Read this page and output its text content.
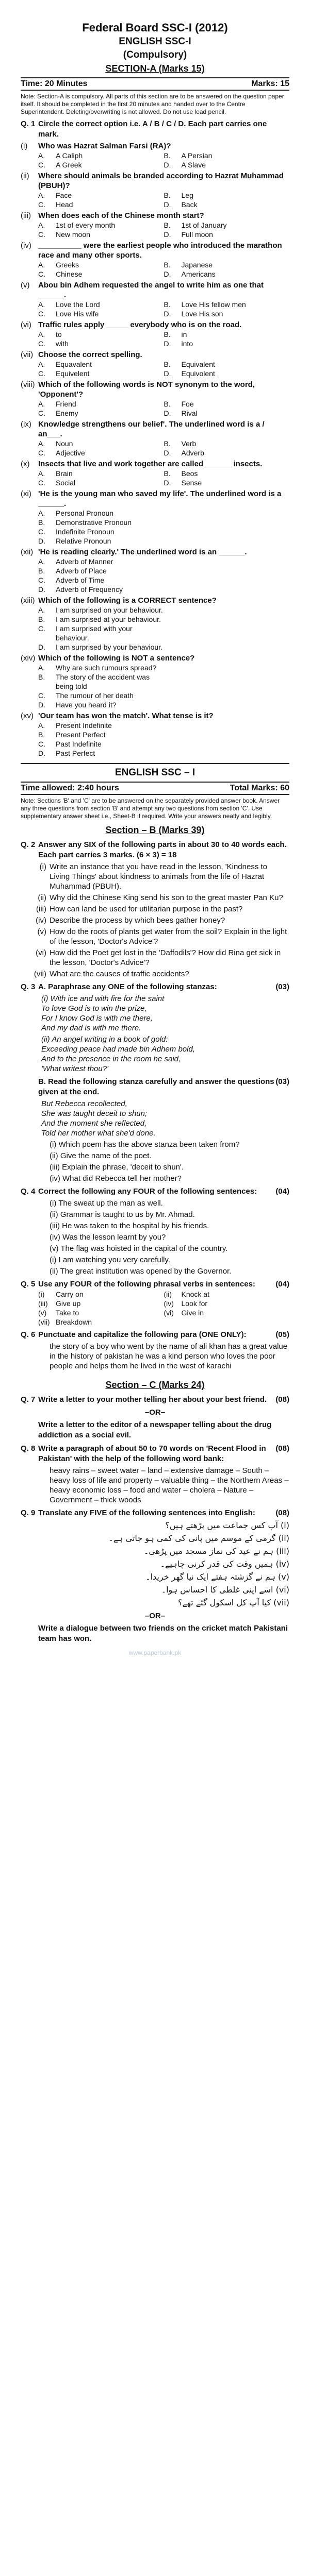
Federal Board SSC-I (2012)
ENGLISH SSC-I
(Compulsory)
SECTION-A (Marks 15)
Time: 20 Minutes	Marks: 15
Note: Section-A is compulsory. All parts of this section are to be answered on the question paper itself. It should be completed in the first 20 minutes and handed over to the Centre Superintendent. Deleting/overwriting is not allowed. Do not use lead pencil.
Q. 1 Circle the correct option i.e. A / B / C / D. Each part carries one mark.
(i)	Who was Hazrat Salman Farsi (RA)?
A.	A Caliph	B.	A Persian
C.	A Greek	D.	A Slave
(ii)	Where should animals be branded according to Hazrat Muhammad (PBUH)?
A.	Face	B.	Leg
C.	Head	D.	Back
(iii) When does each of the Chinese month start?
A.	1st of every month	B.	1st of January
C.	New moon	D.	Full moon
(iv) __________ were the earliest people who introduced the marathon race and many other sports.
A.	Greeks	B.	Japanese
C.	Chinese	D.	Americans
(v)	Abou bin Adhem requested the angel to write him as one that ______.
A.	Love the Lord	B.	Love His fellow men
C.	Love His wife	D.	Love His son
(vi) Traffic rules apply _____ everybody who is on the road.
A.	to	B.	in
C.	with	D.	into
(vii) Choose the correct spelling.
A.	Equavalent	B.	Equivalent
C.	Equivelent	D.	Equivolent
(viii) Which of the following words is NOT synonym to the word, 'Opponent'?
A.	Friend	B.	Foe
C.	Enemy	D.	Rival
(ix) Knowledge strengthens our belief'. The underlined word is a / an___.
A.	Noun	B.	Verb
C.	Adjective	D.	Adverb
(x)	Insects that live and work together are called ______ insects.
A.	Brain	B.	Beos
C.	Social	D.	Sense
(xi) 'He is the young man who saved my life'. The underlined word is a ______.
A.	Personal Pronoun
B.	Demonstrative Pronoun
C.	Indefinite Pronoun
D.	Relative Pronoun
(xii) 'He is reading clearly.' The underlined word is an ______.
A.	Adverb of Manner
B.	Adverb of Place
C.	Adverb of Time
D.	Adverb of Frequency
(xiii) Which of the following is a CORRECT sentence?
A.	I am surprised on your behaviour.
B.	I am surprised at your behaviour.
C.	I am surprised with your behaviour.
D.	I am surprised by your behaviour.
(xiv) Which of the following is NOT a sentence?
A.	Why are such rumours spread?
B.	The story of the accident was being told
C.	The rumour of her death
D.	Have you heard it?
(xv) 'Our team has won the match'. What tense is it?
A.	Present Indefinite
B.	Present Perfect
C.	Past Indefinite
D.	Past Perfect
ENGLISH SSC – I
Time allowed: 2:40 hours	Total Marks: 60
Note: Sections 'B' and 'C' are to be answered on the separately provided answer book. Answer any three questions from section 'B' and attempt any two questions from section 'C'. Use supplementary answer sheet i.e., Sheet-B if required. Write your answers neatly and legibly.
Section – B (Marks 39)
Q. 2 Answer any SIX of the following parts in about 30 to 40 words each. Each part carries 3 marks. (6 × 3) = 18
(i) Write an instance that you have read in the lesson, 'Kindness to Living Things' about kindness to animals from the life of Hazrat Muhammad (PBUH).
(ii) Why did the Chinese King send his son to the great master Pan Ku?
(iii) How can land be used for utilitarian purpose in the past?
(iv) Describe the process by which bees gather honey?
(v) How do the roots of plants get water from the soil? Explain in the light of the lesson, 'Doctor's Advice'?
(vi) How did the Poet get lost in the 'Daffodils'? How did Rina get sick in the lesson, 'Doctor's Advice'?
(vii) What are the causes of traffic accidents?
Q. 3 A. Paraphrase any ONE of the following stanzas:	(03)
(i) With ice and with fire for the saint
To love God is to win the prize,
For I know God is with me there,
And my dad is with me there.
(ii) An angel writing in a book of gold:
Exceeding peace had made bin Adhem bold,
And to the presence in the room he said,
'What writest thou?'
B. Read the following stanza carefully and answer the questions given at the end.
(03)
But Rebecca recollected,
She was taught deceit to shun;
And the moment she reflected,
Told her mother what she'd done.
(i) Which poem has the above stanza been taken from?
(ii) Give the name of the poet.
(iii) Explain the phrase, 'deceit to shun'.
(iv) What did Rebecca tell her mother?
Q. 4 Correct the following any FOUR of the following sentences:	(04)
(i) The sweat up the man as well.
(ii) Grammar is taught to us by Mr. Ahmad.
(iii) He was taken to the hospital by his friends.
(iv) Was the lesson learnt by you?
(v) The flag was hoisted in the capital of the country.
(i) I am watching you very carefully.
(ii) The great institution was opened by the Governor.
Q. 5 Use any FOUR of the following phrasal verbs in sentences:	(04)
(i)	Carry on	(ii)	Knock at
(iii)	Give up	(iv)	Look for
(v)	Take to	(vi)	Give in
(vii) Breakdown
Q. 6 Punctuate and capitalize the following para (ONE ONLY):	(05)
the story of a boy who went by the name of ali khan has a great value in the history of pakistan he was a kind person who loves the poor people and helps them he lived in the west of karachi
Section – C (Marks 24)
Q. 7 Write a letter to your mother telling her about your best friend.	(08)
–OR–
Write a letter to the editor of a newspaper telling about the drug addiction as a social evil.
Q. 8 Write a paragraph of about 50 to 70 words on 'Recent Flood in Pakistan' with the help of the following word bank:
(08)
heavy rains – sweet water – land – extensive damage – South – heavy loss of life and property – valuable thing – the Northern Areas – heavy economic loss – food and water – cholera – Nature – Government – thick woods
Q. 9 Translate any FIVE of the following sentences into English:	(08)
(i) آپ کس جماعت میں پڑھتے ہیں؟
(ii) گرمی کے موسم میں پانی کی کمی ہو جاتی ہے۔
(iii) ہم نے عید کی نماز مسجد میں پڑھی۔
(iv) ہمیں وقت کی قدر کرنی چاہیے۔
(v) ہم نے گزشتہ ہفتے ایک نیا گھر خریدا۔
(vi) اسے اپنی غلطی کا احساس ہوا۔
(vii) کیا آپ کل اسکول گئے تھے؟
–OR–
Write a dialogue between two friends on the cricket match Pakistani team has won.
www.paperbank.pk
